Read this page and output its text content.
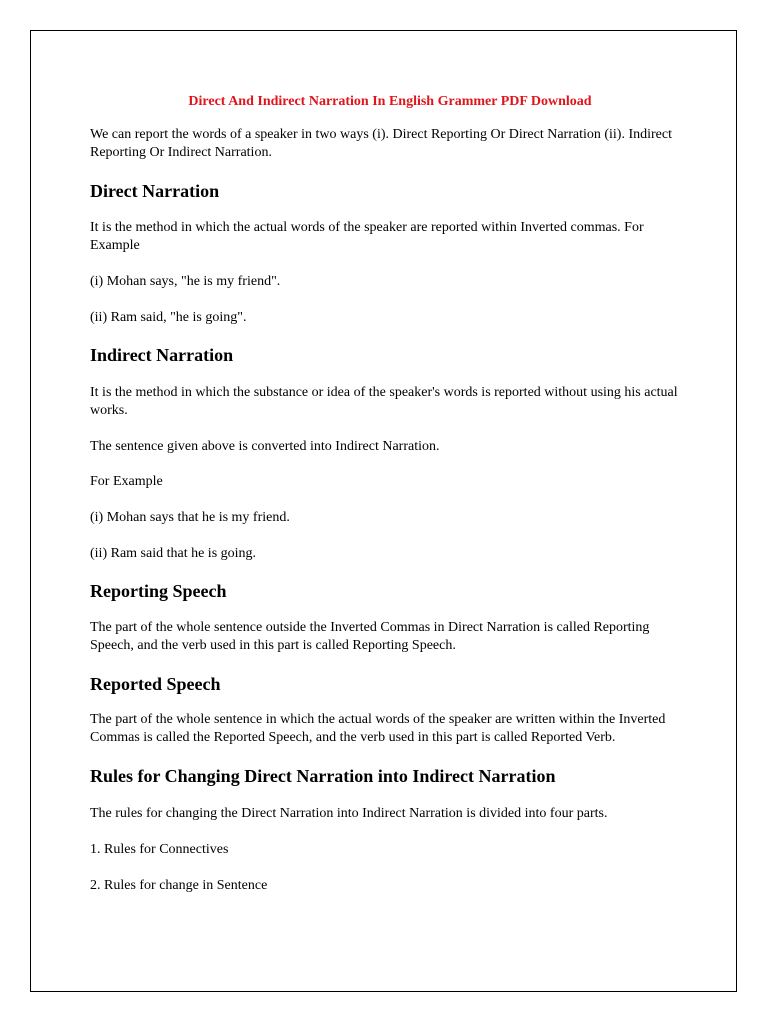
Direct And Indirect Narration In English Grammer PDF Download

We can report the words of a speaker in two ways (i). Direct Reporting Or Direct Narration (ii). Indirect Reporting Or Indirect Narration.

Direct Narration

It is the method in which the actual words of the speaker are reported within Inverted commas. For Example

(i) Mohan says, "he is my friend".

(ii) Ram said, "he is going".

Indirect Narration

It is the method in which the substance or idea of the speaker's words is reported without using his actual works.

The sentence given above is converted into Indirect Narration.

For Example

(i) Mohan says that he is my friend.

(ii) Ram said that he is going.

Reporting Speech

The part of the whole sentence outside the Inverted Commas in Direct Narration is called Reporting Speech, and the verb used in this part is called Reporting Speech.

Reported Speech

The part of the whole sentence in which the actual words of the speaker are written within the Inverted Commas is called the Reported Speech, and the verb used in this part is called Reported Verb.

Rules for Changing Direct Narration into Indirect Narration

The rules for changing the Direct Narration into Indirect Narration is divided into four parts.

1. Rules for Connectives

2. Rules for change in Sentence
